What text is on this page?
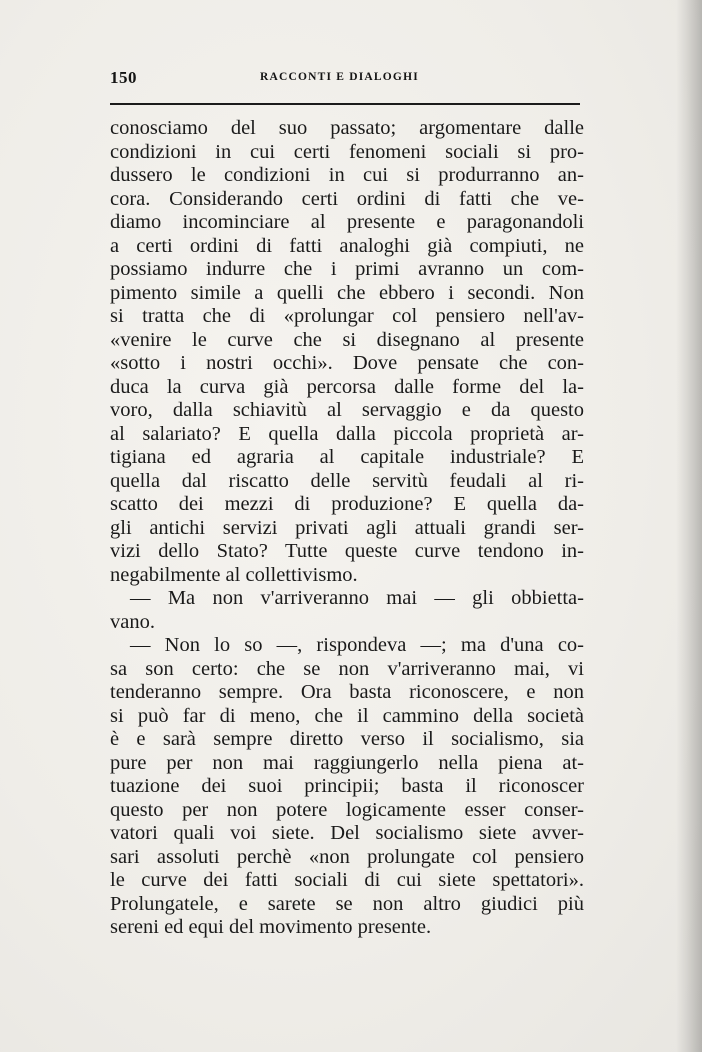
150	RACCONTI E DIALOGHI
conosciamo del suo passato; argomentare dalle
condizioni in cui certi fenomeni sociali si pro-
dussero le condizioni in cui si produrranno an-
cora. Considerando certi ordini di fatti che ve-
diamo incominciare al presente e paragonandoli
a certi ordini di fatti analoghi già compiuti, ne
possiamo indurre che i primi avranno un com-
pimento simile a quelli che ebbero i secondi. Non
si tratta che di «prolungar col pensiero nell'av-
«venire le curve che si disegnano al presente
«sotto i nostri occhi». Dove pensate che con-
duca la curva già percorsa dalle forme del la-
voro, dalla schiavitù al servaggio e da questo
al salariato? E quella dalla piccola proprietà ar-
tigiana ed agraria al capitale industriale? E
quella dal riscatto delle servitù feudali al ri-
scatto dei mezzi di produzione? E quella da-
gli antichi servizi privati agli attuali grandi ser-
vizi dello Stato? Tutte queste curve tendono in-
negabilmente al collettivismo.
— Ma non v'arriveranno mai — gli obbietta-
vano.
— Non lo so —, rispondeva —; ma d'una co-
sa son certo: che se non v'arriveranno mai, vi
tenderanno sempre. Ora basta riconoscere, e non
si può far di meno, che il cammino della società
è e sarà sempre diretto verso il socialismo, sia
pure per non mai raggiungerlo nella piena at-
tuazione dei suoi principii; basta il riconoscer
questo per non potere logicamente esser conser-
vatori quali voi siete. Del socialismo siete avver-
sari assoluti perchè «non prolungate col pensiero
le curve dei fatti sociali di cui siete spettatori».
Prolungatele, e sarete se non altro giudici più
sereni ed equi del movimento presente.
